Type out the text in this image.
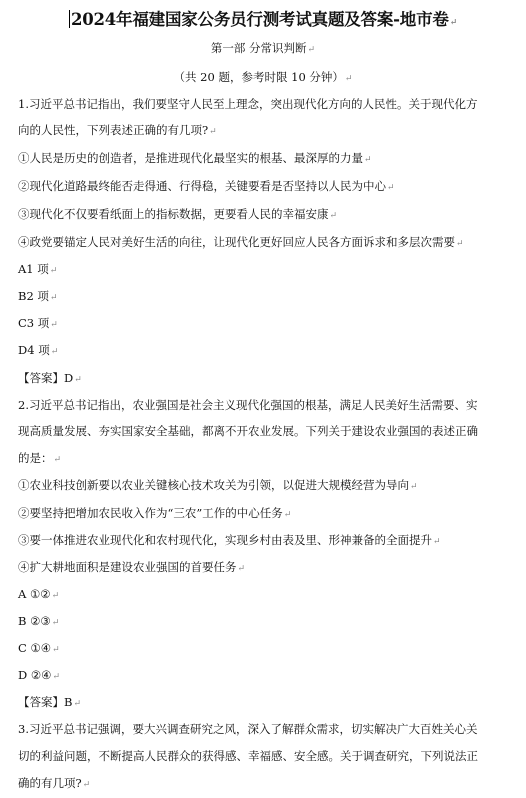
2024年福建国家公务员行测考试真题及答案-地市卷↵
第一部 分常识判断↵
（共 20 题，参考时限 10 分钟）↵
1.习近平总书记指出，我们要坚守人民至上理念，突出现代化方向的人民性。关于现代化方
向的人民性，下列表述正确的有几项?↵
①人民是历史的创造者，是推进现代化最坚实的根基、最深厚的力量↵
②现代化道路最终能否走得通、行得稳，关键要看是否坚持以人民为中心↵
③现代化不仅要看纸面上的指标数据，更要看人民的幸福安康↵
④政党要锚定人民对美好生活的向往，让现代化更好回应人民各方面诉求和多层次需要↵
A1 项↵
B2 项↵
C3 项↵
D4 项↵
【答案】D↵
2.习近平总书记指出，农业强国是社会主义现代化强国的根基，满足人民美好生活需要、实
现高质量发展、夯实国家安全基础，都离不开农业发展。下列关于建设农业强国的表述正确
的是：↵
①农业科技创新要以农业关键核心技术攻关为引领，以促进大规模经营为导向↵
②要坚持把增加农民收入作为“三农”工作的中心任务↵
③要一体推进农业现代化和农村现代化，实现乡村由表及里、形神兼备的全面提升↵
④扩大耕地面积是建设农业强国的首要任务↵
A ①②↵
B ②③↵
C ①④↵
D ②④↵
【答案】B↵
3.习近平总书记强调，要大兴调查研究之风，深入了解群众需求，切实解决广大百姓关心关
切的利益问题，不断提高人民群众的获得感、幸福感、安全感。关于调查研究，下列说法正
确的有几项?↵
